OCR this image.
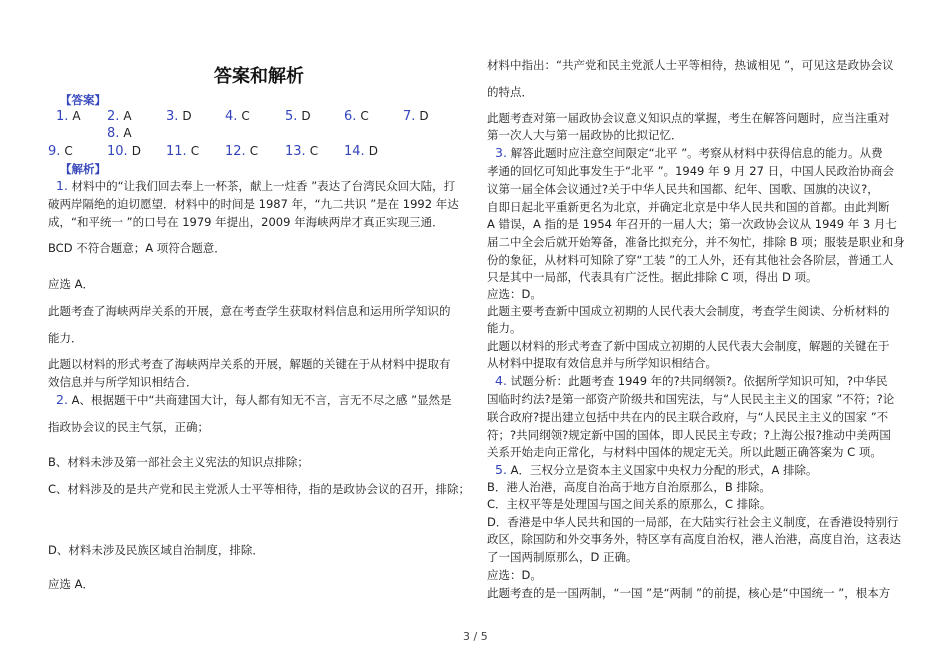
答案和解析
【答案】
1. A 2. A	3. D	4. C	5. D	6. C	7. D
8. A
9. C	10. D 11. C 12. C 13. C 14. D
【解析】
1. 材料中的“让我们回去奉上一杯茶，献上一炷香 ”表达了台湾民众回大陆，打
破两岸隔绝的迫切愿望．材料中的时间是 1987 年，“九二共识 ”是在 1992 年达
成，“和平统一 ”的口号在 1979 年提出，2009 年海峡两岸才真正实现三通．
BCD 不符合题意；A 项符合题意．
应选 A．
此题考查了海峡两岸关系的开展，意在考查学生获取材料信息和运用所学知识的
能力．
此题以材料的形式考查了海峡两岸关系的开展，解题的关键在于从材料中提取有
效信息并与所学知识相结合．
2. A、根据题干中“共商建国大计，每人都有知无不言，言无不尽之感 ”显然是
指政协会议的民主气氛，正确；
B、材料未涉及第一部社会主义宪法的知识点排除；
C、材料涉及的是共产党和民主党派人士平等相待，指的是政协会议的召开，排除；
D、材料未涉及民族区域自治制度，排除．
应选 A．
材料中指出：“共产党和民主党派人士平等相待，热诚相见 ”，可见这是政协会议
的特点．
此题考查对第一届政协会议意义知识点的掌握，考生在解答问题时，应当注重对
第一次人大与第一届政协的比拟记忆．
3. 解答此题时应注意空间限定“北平 ”。考察从材料中获得信息的能力。从费
孝通的回忆可知此事发生于“北平 ”。1949 年 9 月 27 日，中国人民政治协商会
议第一届全体会议通过?关于中华人民共和国都、纪年、国歌、国旗的决议?，
自即日起北平重新更名为北京，并确定北京是中华人民共和国的首都。由此判断
A 错误，A 指的是 1954 年召开的一届人大；第一次政协会议从 1949 年 3 月七
届二中全会后就开始筹备，准备比拟充分，并不匆忙，排除 B 项；服装是职业和身
份的象征，从材料可知除了穿“工装 ”的工人外，还有其他社会各阶层，普通工人
只是其中一局部，代表具有广泛性。据此排除 C 项，得出 D 项。
应选：D。
此题主要考查新中国成立初期的人民代表大会制度，考查学生阅读、分析材料的
能力。
此题以材料的形式考查了新中国成立初期的人民代表大会制度，解题的关键在于
从材料中提取有效信息并与所学知识相结合。
4. 试题分析：此题考查 1949 年的?共同纲领?。依据所学知识可知，?中华民
国临时约法?是第一部资产阶级共和国宪法，与“人民民主主义的国家 ”不符；?论
联合政府?提出建立包括中共在内的民主联合政府，与“人民民主主义的国家 ”不
符；?共同纲领?规定新中国的国体，即人民民主专政；?上海公报?推动中美两国
关系开始走向正常化，与材料中国体的规定无关。所以此题正确答案为 C 项。
5. A．三权分立是资本主义国家中央权力分配的形式，A 排除。
B．港人治港，高度自治高于地方自治原那么，B 排除。
C．主权平等是处理国与国之间关系的原那么，C 排除。
D．香港是中华人民共和国的一局部，在大陆实行社会主义制度，在香港设特别行
政区，除国防和外交事务外，特区享有高度自治权，港人治港，高度自治，这表达
了一国两制原那么，D 正确。
应选：D。
此题考查的是一国两制，“一国 ”是“两制 ”的前提，核心是“中国统一 ”，根本方
3 / 5
